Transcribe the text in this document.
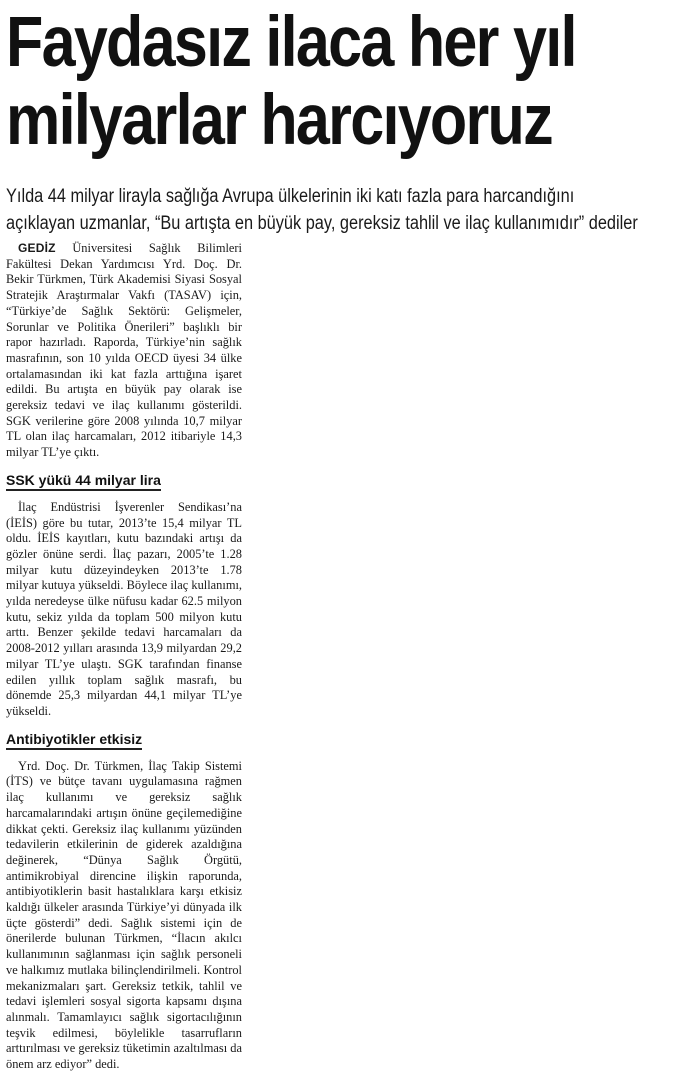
Faydasız ilaca her yıl
milyarlar harcıyoruz
Yılda 44 milyar lirayla sağlığa Avrupa ülkelerinin iki katı fazla para harcandığını
açıklayan uzmanlar, “Bu artışta en büyük pay, gereksiz tahlil ve ilaç kullanımıdır” dediler

GEDİZ Üniversitesi Sağlık Bilimleri Fakültesi Dekan Yardımcısı Yrd. Doç. Dr. Bekir Türkmen, Türk Akademisi Siyasi Sosyal Stratejik Araştırmalar Vakfı (TASAV) için, “Türkiye’de Sağlık Sektörü: Gelişmeler, Sorunlar ve Politika Önerileri” başlıklı bir rapor hazırladı. Raporda, Türkiye’nin sağlık masrafının, son 10 yılda OECD üyesi 34 ülke ortalamasından iki kat fazla arttığına işaret edildi. Bu artışta en büyük pay olarak ise gereksiz tedavi ve ilaç kullanımı gösterildi. SGK verilerine göre 2008 yılında 10,7 milyar TL olan ilaç harcamaları, 2012 itibariyle 14,3 milyar TL’ye çıktı.

SSK yükü 44 milyar lira

İlaç Endüstrisi İşverenler Sendikası’na (İEİS) göre bu tutar, 2013’te 15,4 milyar TL oldu. İEİS kayıtları, kutu bazındaki artışı da gözler önüne serdi. İlaç pazarı, 2005’te 1.28 milyar kutu düzeyindeyken 2013’te 1.78 milyar kutuya yükseldi. Böylece ilaç kullanımı, yılda neredeyse ülke nüfusu kadar 62.5 milyon kutu, sekiz yılda da toplam 500 milyon kutu arttı. Benzer şekilde tedavi harcamaları da 2008-2012 yılları arasında 13,9 milyardan 29,2 milyar TL’ye ulaştı. SGK tarafından finanse edilen yıllık toplam sağlık masrafı, bu dönemde 25,3 milyardan 44,1 milyar TL’ye yükseldi.

Antibiyotikler etkisiz

Yrd. Doç. Dr. Türkmen, İlaç Takip Sistemi (İTS) ve bütçe tavanı uygulamasına rağmen ilaç kullanımı ve gereksiz sağlık harcamalarındaki artışın önüne geçilemediğine dikkat çekti. Gereksiz ilaç kullanımı yüzünden tedavilerin etkilerinin de giderek azaldığına değinerek, “Dünya Sağlık Örgütü, antimikrobiyal direncine ilişkin raporunda, antibiyotiklerin basit hastalıklara karşı etkisiz kaldığı ülkeler arasında Türkiye’yi dünyada ilk üçte gösterdi” dedi. Sağlık sistemi için de önerilerde bulunan Türkmen, “İlacın akılcı kullanımının sağlanması için sağlık personeli ve halkımız mutlaka bilinçlendirilmeli. Kontrol mekanizmaları şart. Gereksiz tetkik, tahlil ve tedavi işlemleri sosyal sigorta kapsamı dışına alınmalı. Tamamlayıcı sağlık sigortacılığının teşvik edilmesi, böylelikle tasarrufların arttırılması ve gereksiz tüketimin azaltılması da önem arz ediyor” dedi.
